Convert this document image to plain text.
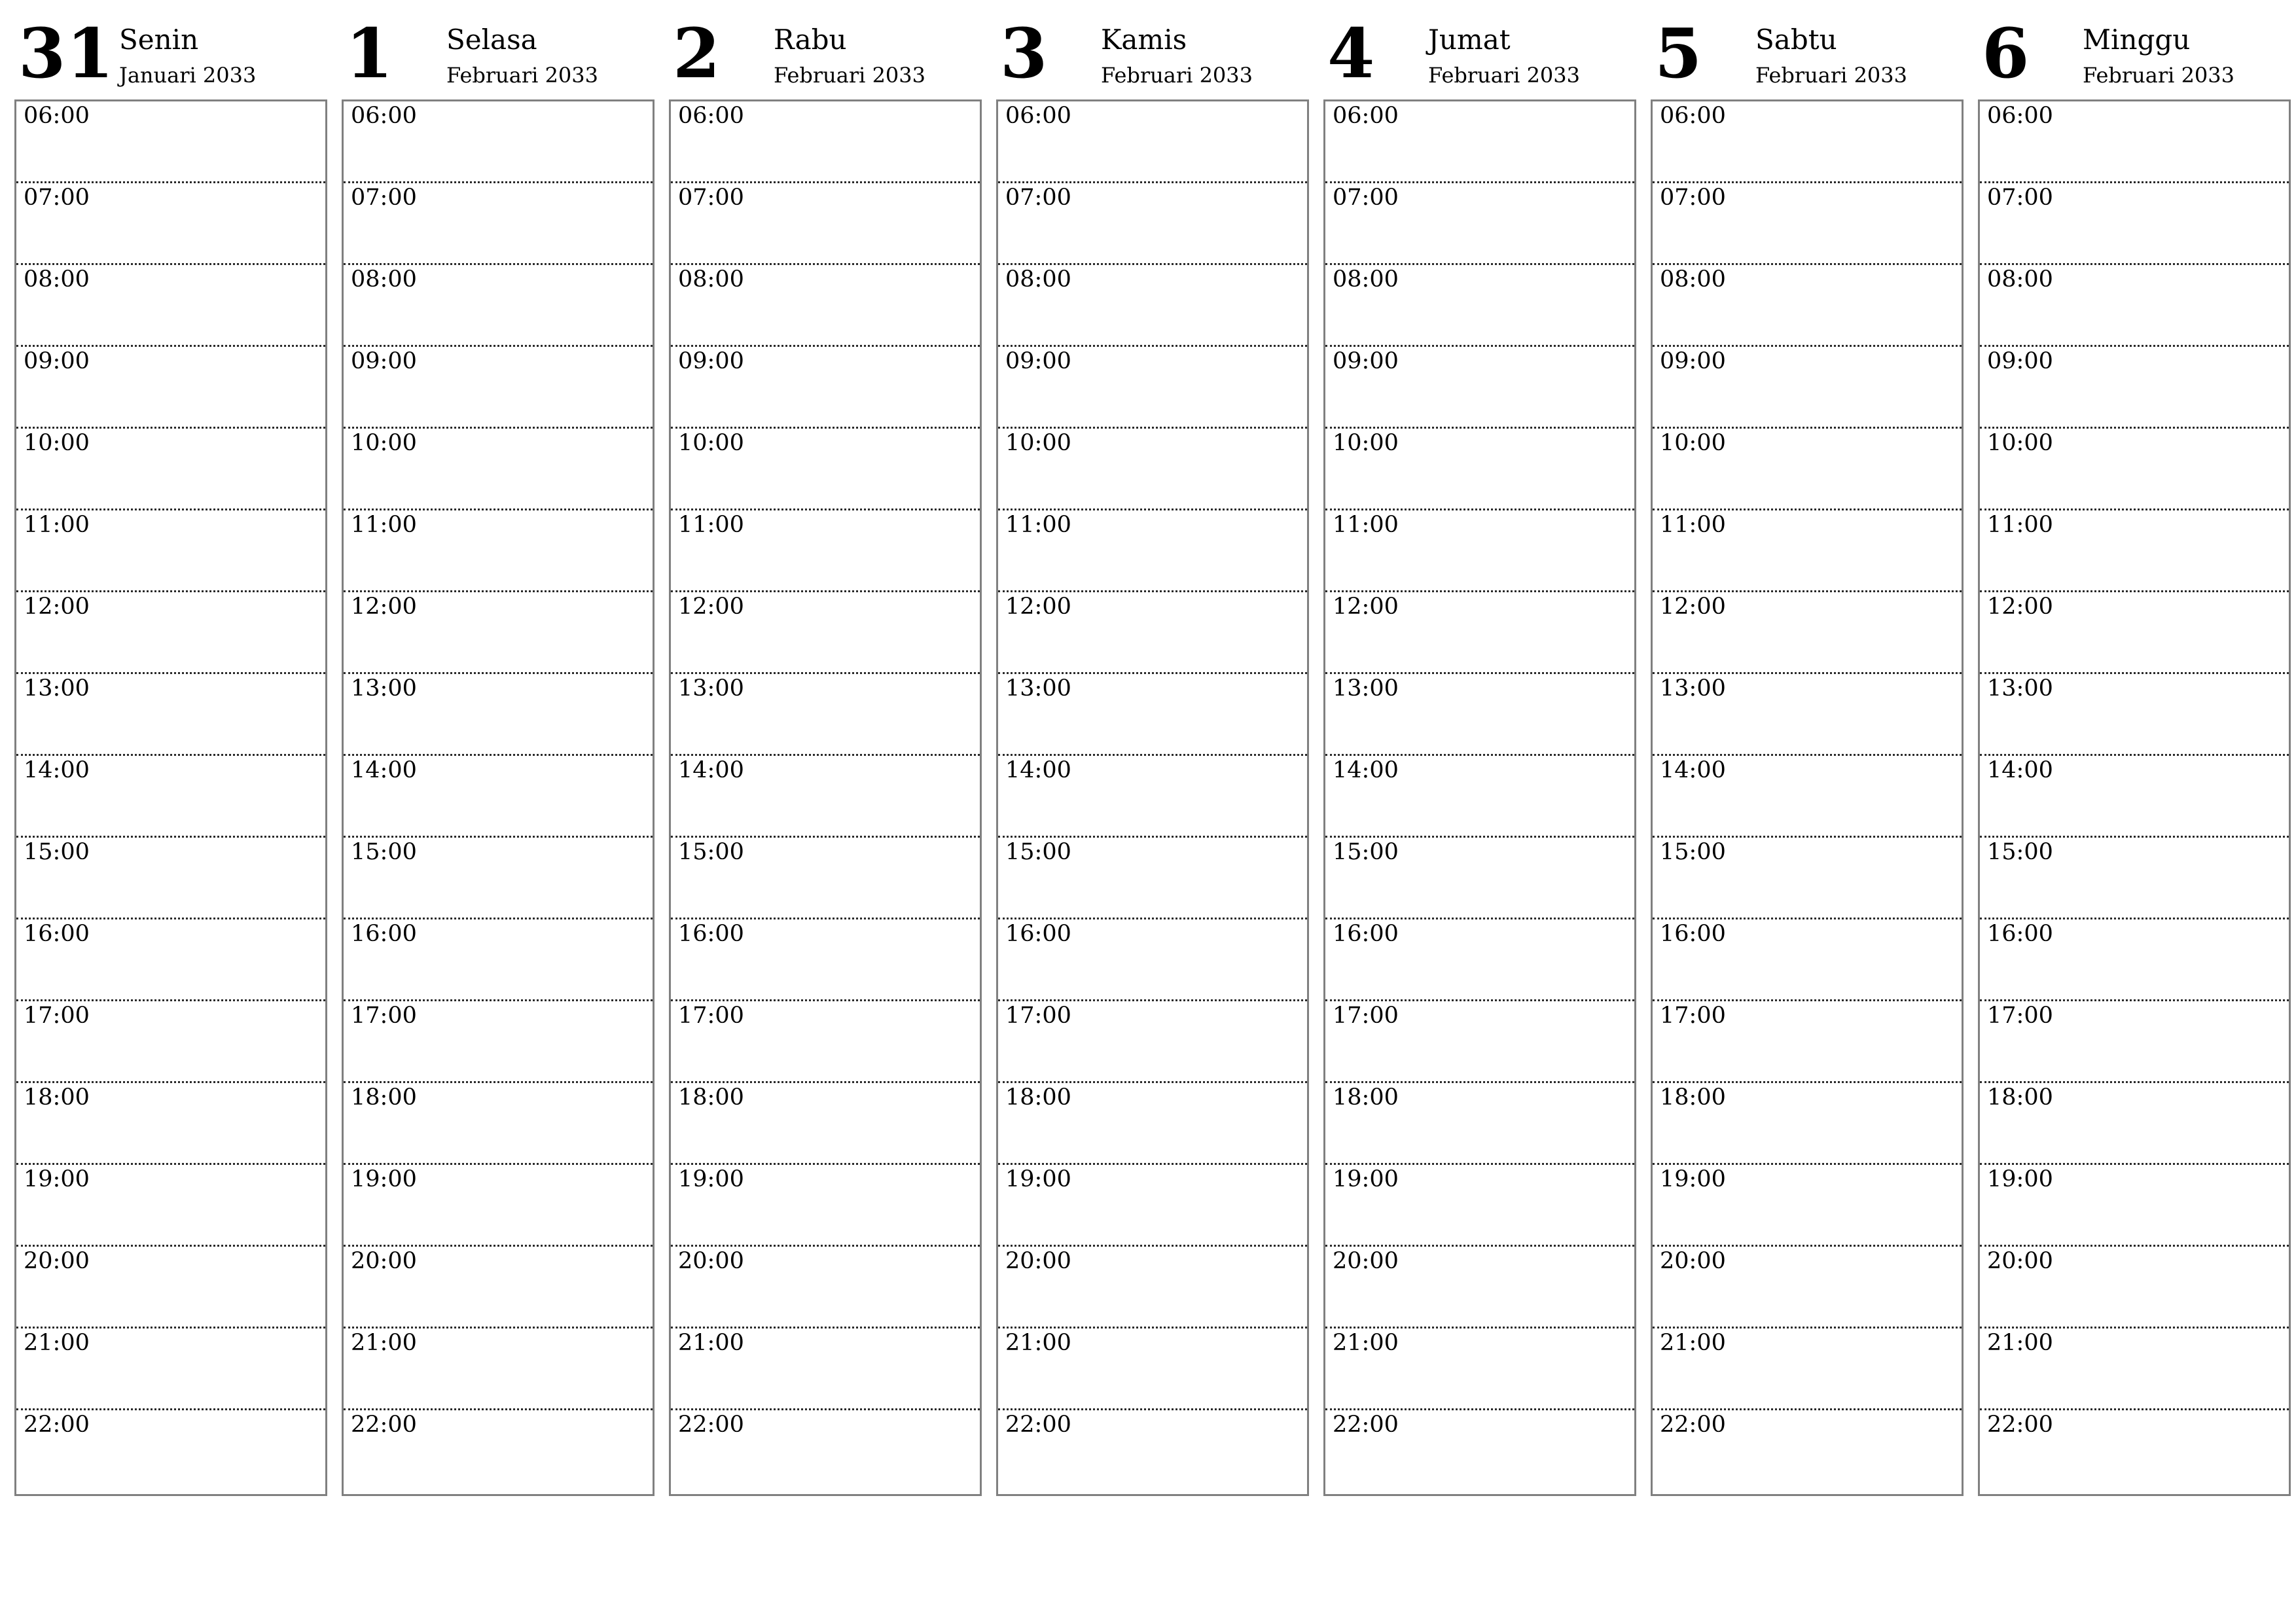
31 Senin
Januari 2033
06:00
07:00
08:00
09:00
10:00
11:00
12:00
13:00
14:00
15:00
16:00
17:00
18:00
19:00
20:00
21:00
22:00
1 Selasa
Februari 2033
06:00
07:00
08:00
09:00
10:00
11:00
12:00
13:00
14:00
15:00
16:00
17:00
18:00
19:00
20:00
21:00
22:00
2 Rabu
Februari 2033
06:00
07:00
08:00
09:00
10:00
11:00
12:00
13:00
14:00
15:00
16:00
17:00
18:00
19:00
20:00
21:00
22:00
3 Kamis
Februari 2033
06:00
07:00
08:00
09:00
10:00
11:00
12:00
13:00
14:00
15:00
16:00
17:00
18:00
19:00
20:00
21:00
22:00
4 Jumat
Februari 2033
06:00
07:00
08:00
09:00
10:00
11:00
12:00
13:00
14:00
15:00
16:00
17:00
18:00
19:00
20:00
21:00
22:00
5 Sabtu
Februari 2033
06:00
07:00
08:00
09:00
10:00
11:00
12:00
13:00
14:00
15:00
16:00
17:00
18:00
19:00
20:00
21:00
22:00
6 Minggu
Februari 2033
06:00
07:00
08:00
09:00
10:00
11:00
12:00
13:00
14:00
15:00
16:00
17:00
18:00
19:00
20:00
21:00
22:00
